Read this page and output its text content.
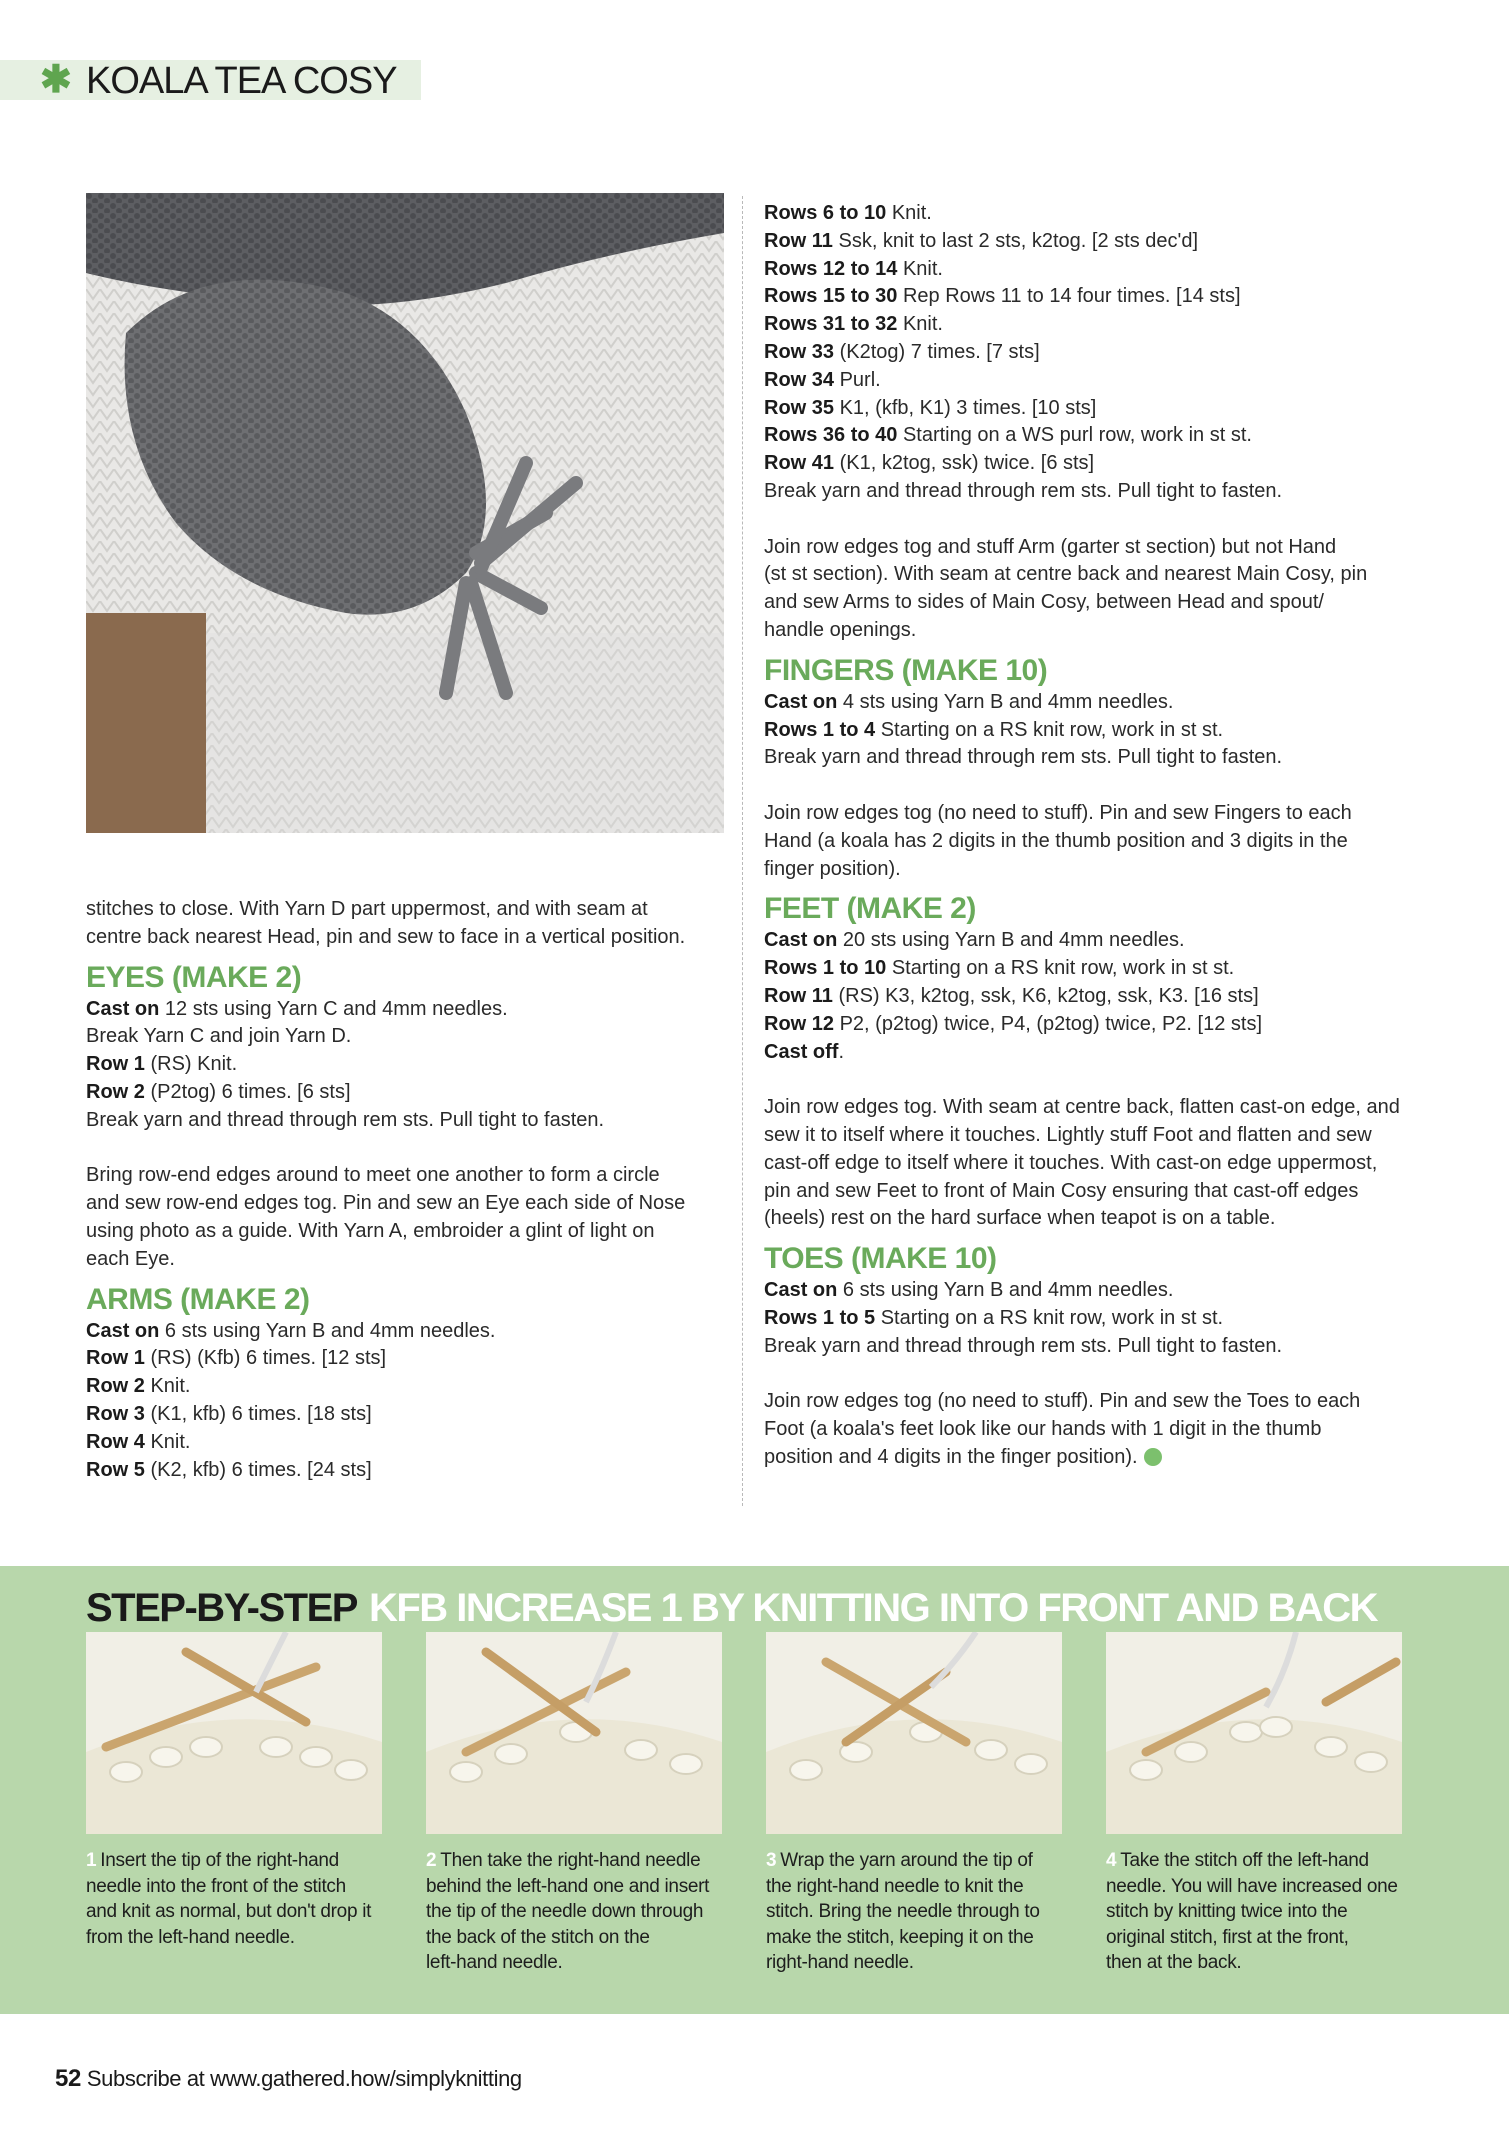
✱ KOALA TEA COSY
stitches to close. With Yarn D part uppermost, and with seam at
centre back nearest Head, pin and sew to face in a vertical position.
EYES (MAKE 2)
Cast on 12 sts using Yarn C and 4mm needles.
Break Yarn C and join Yarn D.
Row 1 (RS) Knit.
Row 2 (P2tog) 6 times. [6 sts]
Break yarn and thread through rem sts. Pull tight to fasten.
Bring row-end edges around to meet one another to form a circle
and sew row-end edges tog. Pin and sew an Eye each side of Nose
using photo as a guide. With Yarn A, embroider a glint of light on
each Eye.
ARMS (MAKE 2)
Cast on 6 sts using Yarn B and 4mm needles.
Row 1 (RS) (Kfb) 6 times. [12 sts]
Row 2 Knit.
Row 3 (K1, kfb) 6 times. [18 sts]
Row 4 Knit.
Row 5 (K2, kfb) 6 times. [24 sts]
Rows 6 to 10 Knit.
Row 11 Ssk, knit to last 2 sts, k2tog. [2 sts dec'd]
Rows 12 to 14 Knit.
Rows 15 to 30 Rep Rows 11 to 14 four times. [14 sts]
Rows 31 to 32 Knit.
Row 33 (K2tog) 7 times. [7 sts]
Row 34 Purl.
Row 35 K1, (kfb, K1) 3 times. [10 sts]
Rows 36 to 40 Starting on a WS purl row, work in st st.
Row 41 (K1, k2tog, ssk) twice. [6 sts]
Break yarn and thread through rem sts. Pull tight to fasten.
Join row edges tog and stuff Arm (garter st section) but not Hand
(st st section). With seam at centre back and nearest Main Cosy, pin
and sew Arms to sides of Main Cosy, between Head and spout/
handle openings.
FINGERS (MAKE 10)
Cast on 4 sts using Yarn B and 4mm needles.
Rows 1 to 4 Starting on a RS knit row, work in st st.
Break yarn and thread through rem sts. Pull tight to fasten.
Join row edges tog (no need to stuff). Pin and sew Fingers to each
Hand (a koala has 2 digits in the thumb position and 3 digits in the
finger position).
FEET (MAKE 2)
Cast on 20 sts using Yarn B and 4mm needles.
Rows 1 to 10 Starting on a RS knit row, work in st st.
Row 11 (RS) K3, k2tog, ssk, K6, k2tog, ssk, K3. [16 sts]
Row 12 P2, (p2tog) twice, P4, (p2tog) twice, P2. [12 sts]
Cast off.
Join row edges tog. With seam at centre back, flatten cast-on edge, and
sew it to itself where it touches. Lightly stuff Foot and flatten and sew
cast-off edge to itself where it touches. With cast-on edge uppermost,
pin and sew Feet to front of Main Cosy ensuring that cast-off edges
(heels) rest on the hard surface when teapot is on a table.
TOES (MAKE 10)
Cast on 6 sts using Yarn B and 4mm needles.
Rows 1 to 5 Starting on a RS knit row, work in st st.
Break yarn and thread through rem sts. Pull tight to fasten.
Join row edges tog (no need to stuff). Pin and sew the Toes to each
Foot (a koala's feet look like our hands with 1 digit in the thumb
position and 4 digits in the finger position).
STEP-BY-STEP KFB INCREASE 1 BY KNITTING INTO FRONT AND BACK
1 Insert the tip of the right-hand
needle into the front of the stitch
and knit as normal, but don't drop it
from the left-hand needle.
2 Then take the right-hand needle
behind the left-hand one and insert
the tip of the needle down through
the back of the stitch on the
left-hand needle.
3 Wrap the yarn around the tip of
the right-hand needle to knit the
stitch. Bring the needle through to
make the stitch, keeping it on the
right-hand needle.
4 Take the stitch off the left-hand
needle. You will have increased one
stitch by knitting twice into the
original stitch, first at the front,
then at the back.
52 Subscribe at www.gathered.how/simplyknitting
